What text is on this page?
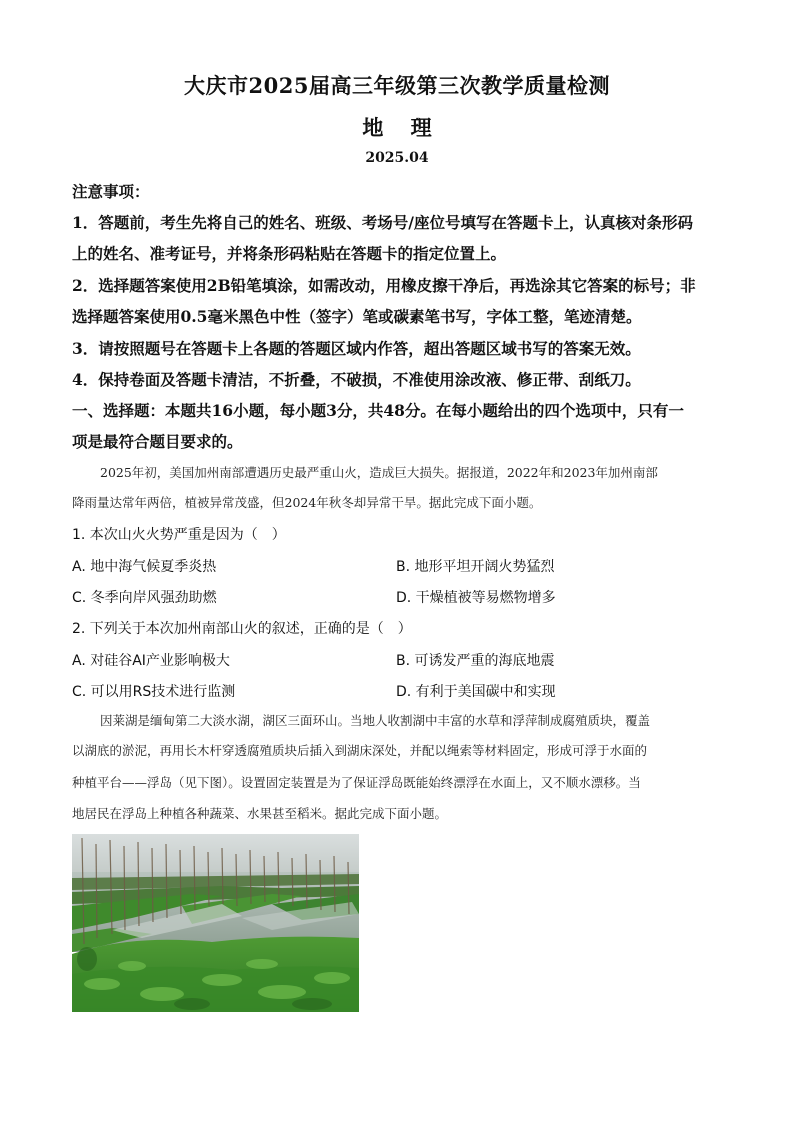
大庆市2025届高三年级第三次教学质量检测
地 理
2025.04
注意事项：
1．答题前，考生先将自己的姓名、班级、考场号/座位号填写在答题卡上，认真核对条形码
上的姓名、准考证号，并将条形码粘贴在答题卡的指定位置上。
2．选择题答案使用2B铅笔填涂，如需改动，用橡皮擦干净后，再选涂其它答案的标号；非
选择题答案使用0.5毫米黑色中性（签字）笔或碳素笔书写，字体工整，笔迹清楚。
3．请按照题号在答题卡上各题的答题区域内作答，超出答题区域书写的答案无效。
4．保持卷面及答题卡清洁，不折叠，不破损，不准使用涂改液、修正带、刮纸刀。
一、选择题：本题共16小题，每小题3分，共48分。在每小题给出的四个选项中，只有一
项是最符合题目要求的。
2025年初，美国加州南部遭遇历史最严重山火，造成巨大损失。据报道，2022年和2023年加州南部
降雨量达常年两倍，植被异常茂盛，但2024年秋冬却异常干旱。据此完成下面小题。
1. 本次山火火势严重是因为（　）
A. 地中海气候夏季炎热	B. 地形平坦开阔火势猛烈
C. 冬季向岸风强劲助燃	D. 干燥植被等易燃物增多
2. 下列关于本次加州南部山火的叙述，正确的是（　）
A. 对硅谷AI产业影响极大	B. 可诱发严重的海底地震
C. 可以用RS技术进行监测	D. 有利于美国碳中和实现
因莱湖是缅甸第二大淡水湖，湖区三面环山。当地人收割湖中丰富的水草和浮萍制成腐殖质块，覆盖
以湖底的淤泥，再用长木杆穿透腐殖质块后插入到湖床深处，并配以绳索等材料固定，形成可浮于水面的
种植平台——浮岛（见下图）。设置固定装置是为了保证浮岛既能始终漂浮在水面上，又不顺水漂移。当
地居民在浮岛上种植各种蔬菜、水果甚至稻米。据此完成下面小题。
